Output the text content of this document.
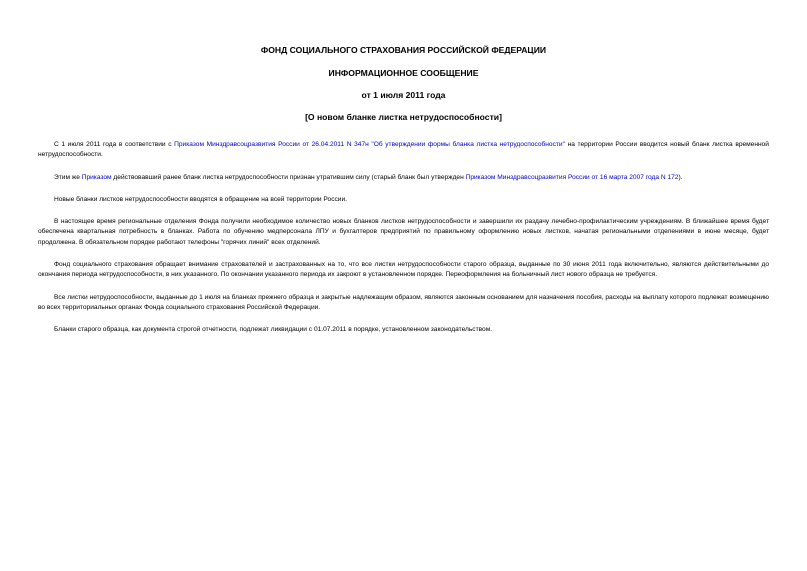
ФОНД СОЦИАЛЬНОГО СТРАХОВАНИЯ РОССИЙСКОЙ ФЕДЕРАЦИИ
ИНФОРМАЦИОННОЕ СООБЩЕНИЕ
от 1 июля 2011 года
[О новом бланке листка нетрудоспособности]

С 1 июля 2011 года в соответствии с Приказом Минздравсоцразвития России от 26.04.2011 N 347н "Об утверждении формы бланка листка нетрудоспособности" на территории России вводится новый бланк листка временной нетрудоспособности.

Этим же Приказом действовавший ранее бланк листка нетрудоспособности признан утратившим силу (старый бланк был утвержден Приказом Минздравсоцразвития России от 16 марта 2007 года N 172).

Новые бланки листков нетрудоспособности вводятся в обращение на всей территории России.

В настоящее время региональные отделения Фонда получили необходимое количество новых бланков листков нетрудоспособности и завершили их раздачу лечебно-профилактическим учреждениям. В ближайшее время будет обеспечена квартальная потребность в бланках. Работа по обучению медперсонала ЛПУ и бухгалтеров предприятий по правильному оформлению новых листков, начатая региональными отделениями в июне месяце, будет продолжена. В обязательном порядке работают телефоны "горячих линий" всех отделений.

Фонд социального страхования обращает внимание страхователей и застрахованных на то, что все листки нетрудоспособности старого образца, выданные по 30 июня 2011 года включительно, являются действительными до окончания периода нетрудоспособности, в них указанного. По окончании указанного периода их закроют в установленном порядке. Переоформления на больничный лист нового образца не требуется.

Все листки нетрудоспособности, выданные до 1 июля на бланках прежнего образца и закрытые надлежащим образом, являются законным основанием для назначения пособия, расходы на выплату которого подлежат возмещению во всех территориальных органах Фонда социального страхования Российской Федерации.

Бланки старого образца, как документа строгой отчетности, подлежат ликвидации с 01.07.2011 в порядке, установленном законодательством.
